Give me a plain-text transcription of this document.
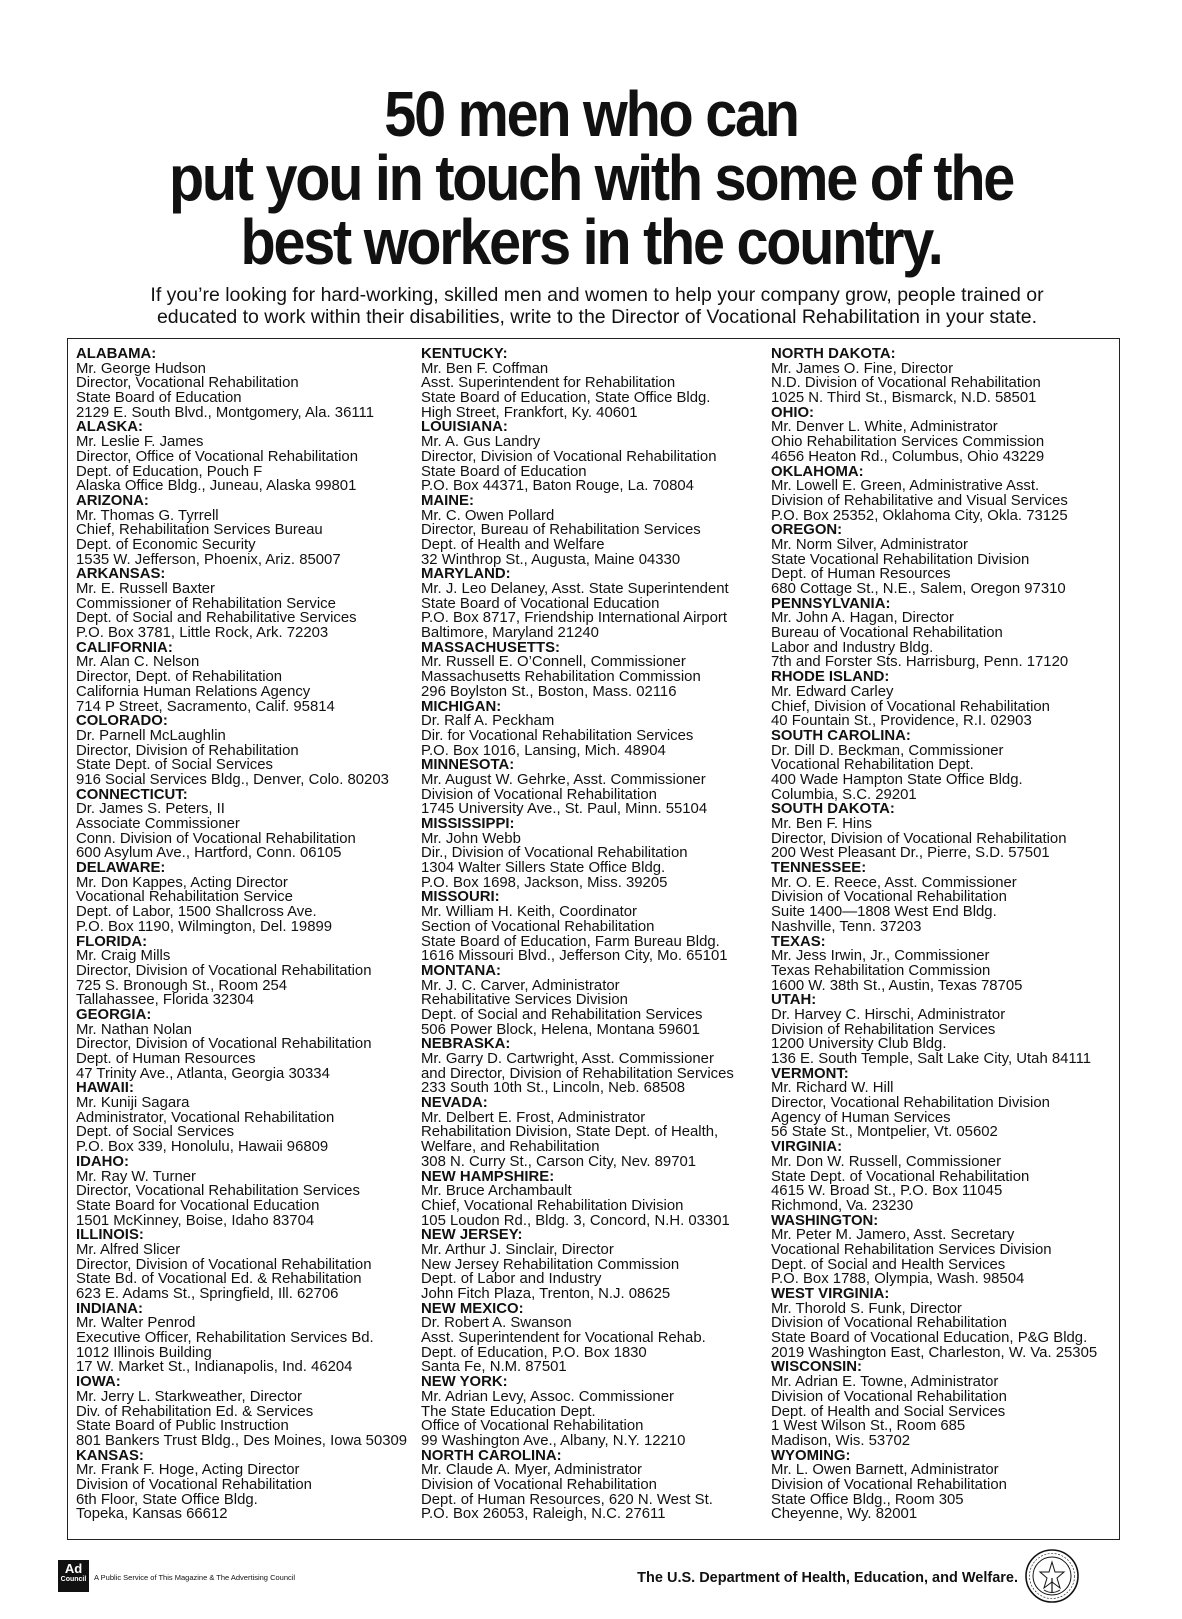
50 men who can
put you in touch with some of the
best workers in the country.
If you’re looking for hard-working, skilled men and women to help your company grow, people trained or
educated to work within their disabilities, write to the Director of Vocational Rehabilitation in your state.
ALABAMA:
Mr. George Hudson
Director, Vocational Rehabilitation
State Board of Education
2129 E. South Blvd., Montgomery, Ala. 36111
ALASKA:
Mr. Leslie F. James
Director, Office of Vocational Rehabilitation
Dept. of Education, Pouch F
Alaska Office Bldg., Juneau, Alaska 99801
ARIZONA:
Mr. Thomas G. Tyrrell
Chief, Rehabilitation Services Bureau
Dept. of Economic Security
1535 W. Jefferson, Phoenix, Ariz. 85007
ARKANSAS:
Mr. E. Russell Baxter
Commissioner of Rehabilitation Service
Dept. of Social and Rehabilitative Services
P.O. Box 3781, Little Rock, Ark. 72203
CALIFORNIA:
Mr. Alan C. Nelson
Director, Dept. of Rehabilitation
California Human Relations Agency
714 P Street, Sacramento, Calif. 95814
COLORADO:
Dr. Parnell McLaughlin
Director, Division of Rehabilitation
State Dept. of Social Services
916 Social Services Bldg., Denver, Colo. 80203
CONNECTICUT:
Dr. James S. Peters, II
Associate Commissioner
Conn. Division of Vocational Rehabilitation
600 Asylum Ave., Hartford, Conn. 06105
DELAWARE:
Mr. Don Kappes, Acting Director
Vocational Rehabilitation Service
Dept. of Labor, 1500 Shallcross Ave.
P.O. Box 1190, Wilmington, Del. 19899
FLORIDA:
Mr. Craig Mills
Director, Division of Vocational Rehabilitation
725 S. Bronough St., Room 254
Tallahassee, Florida 32304
GEORGIA:
Mr. Nathan Nolan
Director, Division of Vocational Rehabilitation
Dept. of Human Resources
47 Trinity Ave., Atlanta, Georgia 30334
HAWAII:
Mr. Kuniji Sagara
Administrator, Vocational Rehabilitation
Dept. of Social Services
P.O. Box 339, Honolulu, Hawaii 96809
IDAHO:
Mr. Ray W. Turner
Director, Vocational Rehabilitation Services
State Board for Vocational Education
1501 McKinney, Boise, Idaho 83704
ILLINOIS:
Mr. Alfred Slicer
Director, Division of Vocational Rehabilitation
State Bd. of Vocational Ed. & Rehabilitation
623 E. Adams St., Springfield, Ill. 62706
INDIANA:
Mr. Walter Penrod
Executive Officer, Rehabilitation Services Bd.
1012 Illinois Building
17 W. Market St., Indianapolis, Ind. 46204
IOWA:
Mr. Jerry L. Starkweather, Director
Div. of Rehabilitation Ed. & Services
State Board of Public Instruction
801 Bankers Trust Bldg., Des Moines, Iowa 50309
KANSAS:
Mr. Frank F. Hoge, Acting Director
Division of Vocational Rehabilitation
6th Floor, State Office Bldg.
Topeka, Kansas 66612
KENTUCKY:
Mr. Ben F. Coffman
Asst. Superintendent for Rehabilitation
State Board of Education, State Office Bldg.
High Street, Frankfort, Ky. 40601
LOUISIANA:
Mr. A. Gus Landry
Director, Division of Vocational Rehabilitation
State Board of Education
P.O. Box 44371, Baton Rouge, La. 70804
MAINE:
Mr. C. Owen Pollard
Director, Bureau of Rehabilitation Services
Dept. of Health and Welfare
32 Winthrop St., Augusta, Maine 04330
MARYLAND:
Mr. J. Leo Delaney, Asst. State Superintendent
State Board of Vocational Education
P.O. Box 8717, Friendship International Airport
Baltimore, Maryland 21240
MASSACHUSETTS:
Mr. Russell E. O’Connell, Commissioner
Massachusetts Rehabilitation Commission
296 Boylston St., Boston, Mass. 02116
MICHIGAN:
Dr. Ralf A. Peckham
Dir. for Vocational Rehabilitation Services
P.O. Box 1016, Lansing, Mich. 48904
MINNESOTA:
Mr. August W. Gehrke, Asst. Commissioner
Division of Vocational Rehabilitation
1745 University Ave., St. Paul, Minn. 55104
MISSISSIPPI:
Mr. John Webb
Dir., Division of Vocational Rehabilitation
1304 Walter Sillers State Office Bldg.
P.O. Box 1698, Jackson, Miss. 39205
MISSOURI:
Mr. William H. Keith, Coordinator
Section of Vocational Rehabilitation
State Board of Education, Farm Bureau Bldg.
1616 Missouri Blvd., Jefferson City, Mo. 65101
MONTANA:
Mr. J. C. Carver, Administrator
Rehabilitative Services Division
Dept. of Social and Rehabilitation Services
506 Power Block, Helena, Montana 59601
NEBRASKA:
Mr. Garry D. Cartwright, Asst. Commissioner
and Director, Division of Rehabilitation Services
233 South 10th St., Lincoln, Neb. 68508
NEVADA:
Mr. Delbert E. Frost, Administrator
Rehabilitation Division, State Dept. of Health,
Welfare, and Rehabilitation
308 N. Curry St., Carson City, Nev. 89701
NEW HAMPSHIRE:
Mr. Bruce Archambault
Chief, Vocational Rehabilitation Division
105 Loudon Rd., Bldg. 3, Concord, N.H. 03301
NEW JERSEY:
Mr. Arthur J. Sinclair, Director
New Jersey Rehabilitation Commission
Dept. of Labor and Industry
John Fitch Plaza, Trenton, N.J. 08625
NEW MEXICO:
Dr. Robert A. Swanson
Asst. Superintendent for Vocational Rehab.
Dept. of Education, P.O. Box 1830
Santa Fe, N.M. 87501
NEW YORK:
Mr. Adrian Levy, Assoc. Commissioner
The State Education Dept.
Office of Vocational Rehabilitation
99 Washington Ave., Albany, N.Y. 12210
NORTH CAROLINA:
Mr. Claude A. Myer, Administrator
Division of Vocational Rehabilitation
Dept. of Human Resources, 620 N. West St.
P.O. Box 26053, Raleigh, N.C. 27611
NORTH DAKOTA:
Mr. James O. Fine, Director
N.D. Division of Vocational Rehabilitation
1025 N. Third St., Bismarck, N.D. 58501
OHIO:
Mr. Denver L. White, Administrator
Ohio Rehabilitation Services Commission
4656 Heaton Rd., Columbus, Ohio 43229
OKLAHOMA:
Mr. Lowell E. Green, Administrative Asst.
Division of Rehabilitative and Visual Services
P.O. Box 25352, Oklahoma City, Okla. 73125
OREGON:
Mr. Norm Silver, Administrator
State Vocational Rehabilitation Division
Dept. of Human Resources
680 Cottage St., N.E., Salem, Oregon 97310
PENNSYLVANIA:
Mr. John A. Hagan, Director
Bureau of Vocational Rehabilitation
Labor and Industry Bldg.
7th and Forster Sts. Harrisburg, Penn. 17120
RHODE ISLAND:
Mr. Edward Carley
Chief, Division of Vocational Rehabilitation
40 Fountain St., Providence, R.I. 02903
SOUTH CAROLINA:
Dr. Dill D. Beckman, Commissioner
Vocational Rehabilitation Dept.
400 Wade Hampton State Office Bldg.
Columbia, S.C. 29201
SOUTH DAKOTA:
Mr. Ben F. Hins
Director, Division of Vocational Rehabilitation
200 West Pleasant Dr., Pierre, S.D. 57501
TENNESSEE:
Mr. O. E. Reece, Asst. Commissioner
Division of Vocational Rehabilitation
Suite 1400—1808 West End Bldg.
Nashville, Tenn. 37203
TEXAS:
Mr. Jess Irwin, Jr., Commissioner
Texas Rehabilitation Commission
1600 W. 38th St., Austin, Texas 78705
UTAH:
Dr. Harvey C. Hirschi, Administrator
Division of Rehabilitation Services
1200 University Club Bldg.
136 E. South Temple, Salt Lake City, Utah 84111
VERMONT:
Mr. Richard W. Hill
Director, Vocational Rehabilitation Division
Agency of Human Services
56 State St., Montpelier, Vt. 05602
VIRGINIA:
Mr. Don W. Russell, Commissioner
State Dept. of Vocational Rehabilitation
4615 W. Broad St., P.O. Box 11045
Richmond, Va. 23230
WASHINGTON:
Mr. Peter M. Jamero, Asst. Secretary
Vocational Rehabilitation Services Division
Dept. of Social and Health Services
P.O. Box 1788, Olympia, Wash. 98504
WEST VIRGINIA:
Mr. Thorold S. Funk, Director
Division of Vocational Rehabilitation
State Board of Vocational Education, P&G Bldg.
2019 Washington East, Charleston, W. Va. 25305
WISCONSIN:
Mr. Adrian E. Towne, Administrator
Division of Vocational Rehabilitation
Dept. of Health and Social Services
1 West Wilson St., Room 685
Madison, Wis. 53702
WYOMING:
Mr. L. Owen Barnett, Administrator
Division of Vocational Rehabilitation
State Office Bldg., Room 305
Cheyenne, Wy. 82001
Ad
Council	A Public Service of This Magazine & The Advertising Council	The U.S. Department of Health, Education, and Welfare.
